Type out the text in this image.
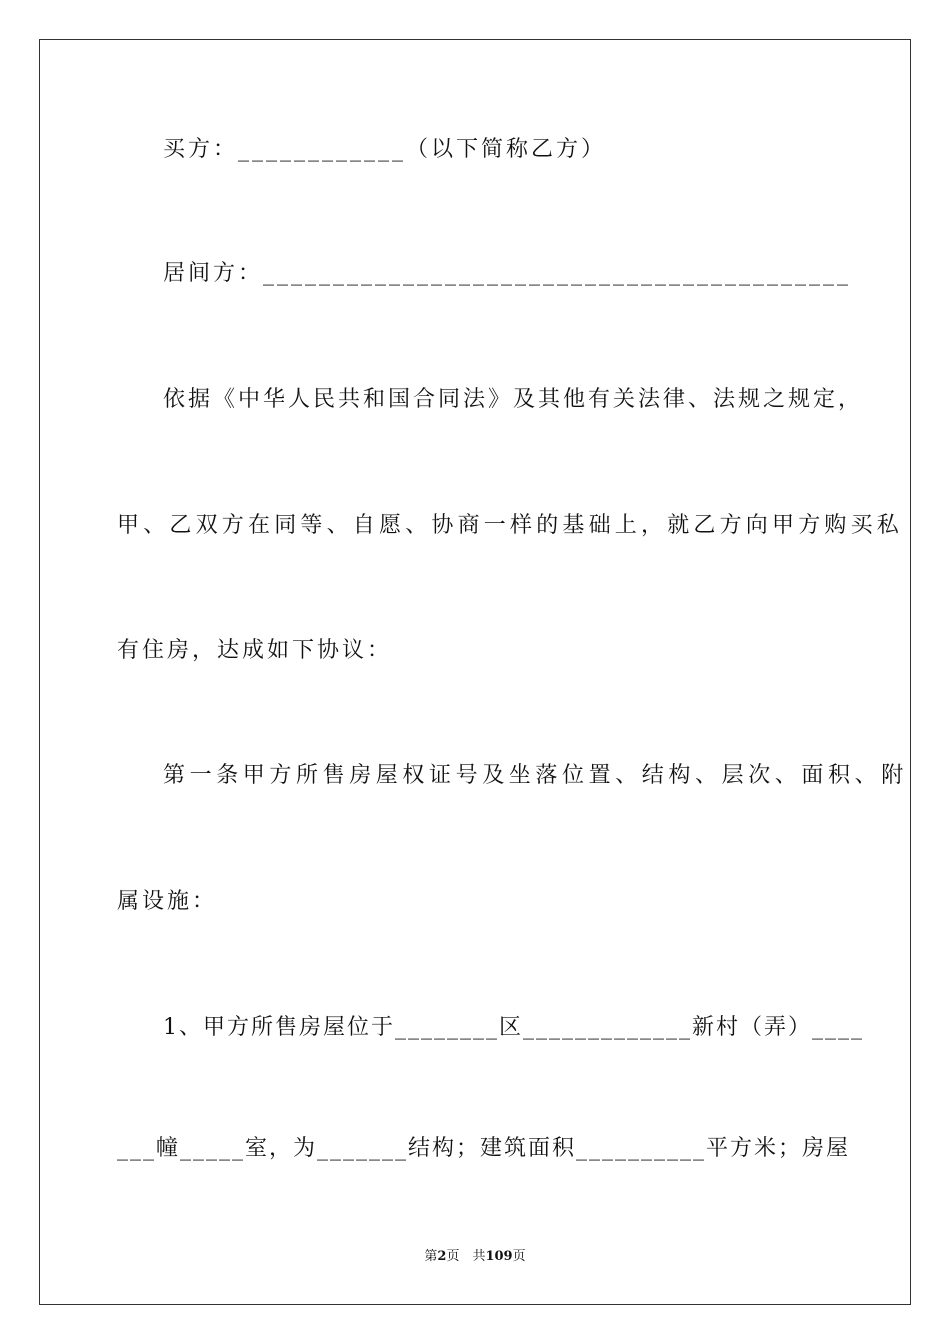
买方：____________（以下简称乙方）
居间方：__________________________________________
依据《中华人民共和国合同法》及其他有关法律、法规之规定，
甲、乙双方在同等、自愿、协商一样的基础上，就乙方向甲方购买私
有住房，达成如下协议：
第一条甲方所售房屋权证号及坐落位置、结构、层次、面积、附
属设施：
1、甲方所售房屋位于________区_____________新村（弄）____
___幢_____室，为_______结构；建筑面积__________平方米；房屋
第2页　共109页
